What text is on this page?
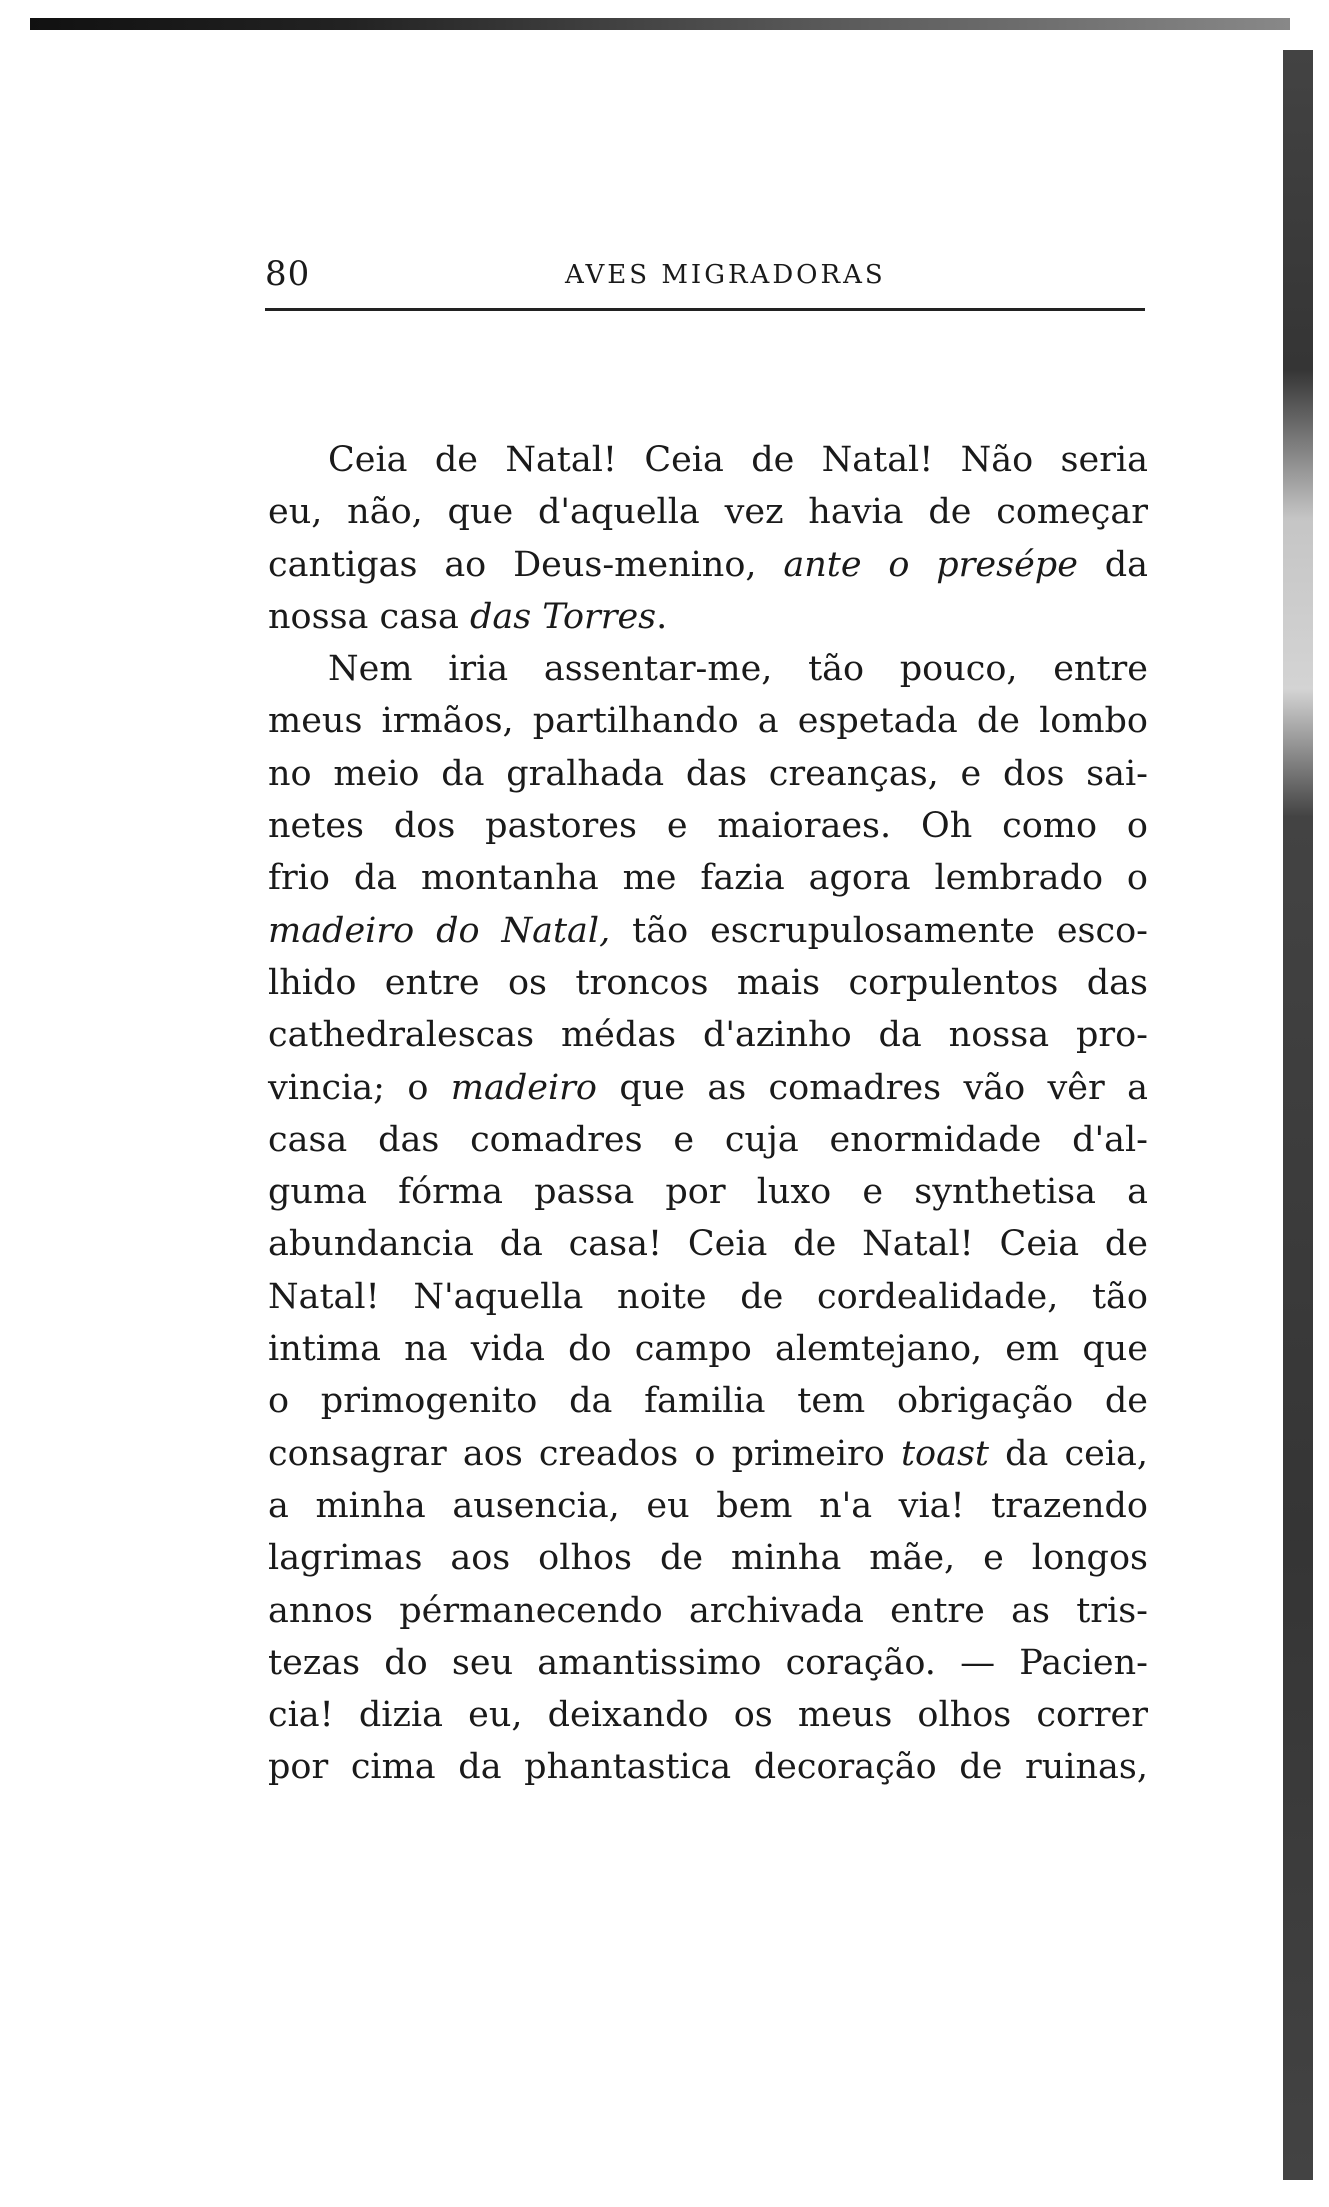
80	AVES MIGRADORAS
Ceia de Natal! Ceia de Natal! Não seria
eu, não, que d'aquella vez havia de começar
cantigas ao Deus-menino, ante o presépe da
nossa casa das Torres.
Nem iria assentar-me, tão pouco, entre
meus irmãos, partilhando a espetada de lombo
no meio da gralhada das creanças, e dos sai-
netes dos pastores e maioraes. Oh como o
frio da montanha me fazia agora lembrado o
madeiro do Natal, tão escrupulosamente esco-
lhido entre os troncos mais corpulentos das
cathedralescas médas d'azinho da nossa pro-
vincia; o madeiro que as comadres vão vêr a
casa das comadres e cuja enormidade d'al-
guma fórma passa por luxo e synthetisa a
abundancia da casa! Ceia de Natal! Ceia de
Natal! N'aquella noite de cordealidade, tão
intima na vida do campo alemtejano, em que
o primogenito da familia tem obrigação de
consagrar aos creados o primeiro toast da ceia,
a minha ausencia, eu bem n'a via! trazendo
lagrimas aos olhos de minha mãe, e longos
annos pérmanecendo archivada entre as tris-
tezas do seu amantissimo coração. — Pacien-
cia! dizia eu, deixando os meus olhos correr
por cima da phantastica decoração de ruinas,
